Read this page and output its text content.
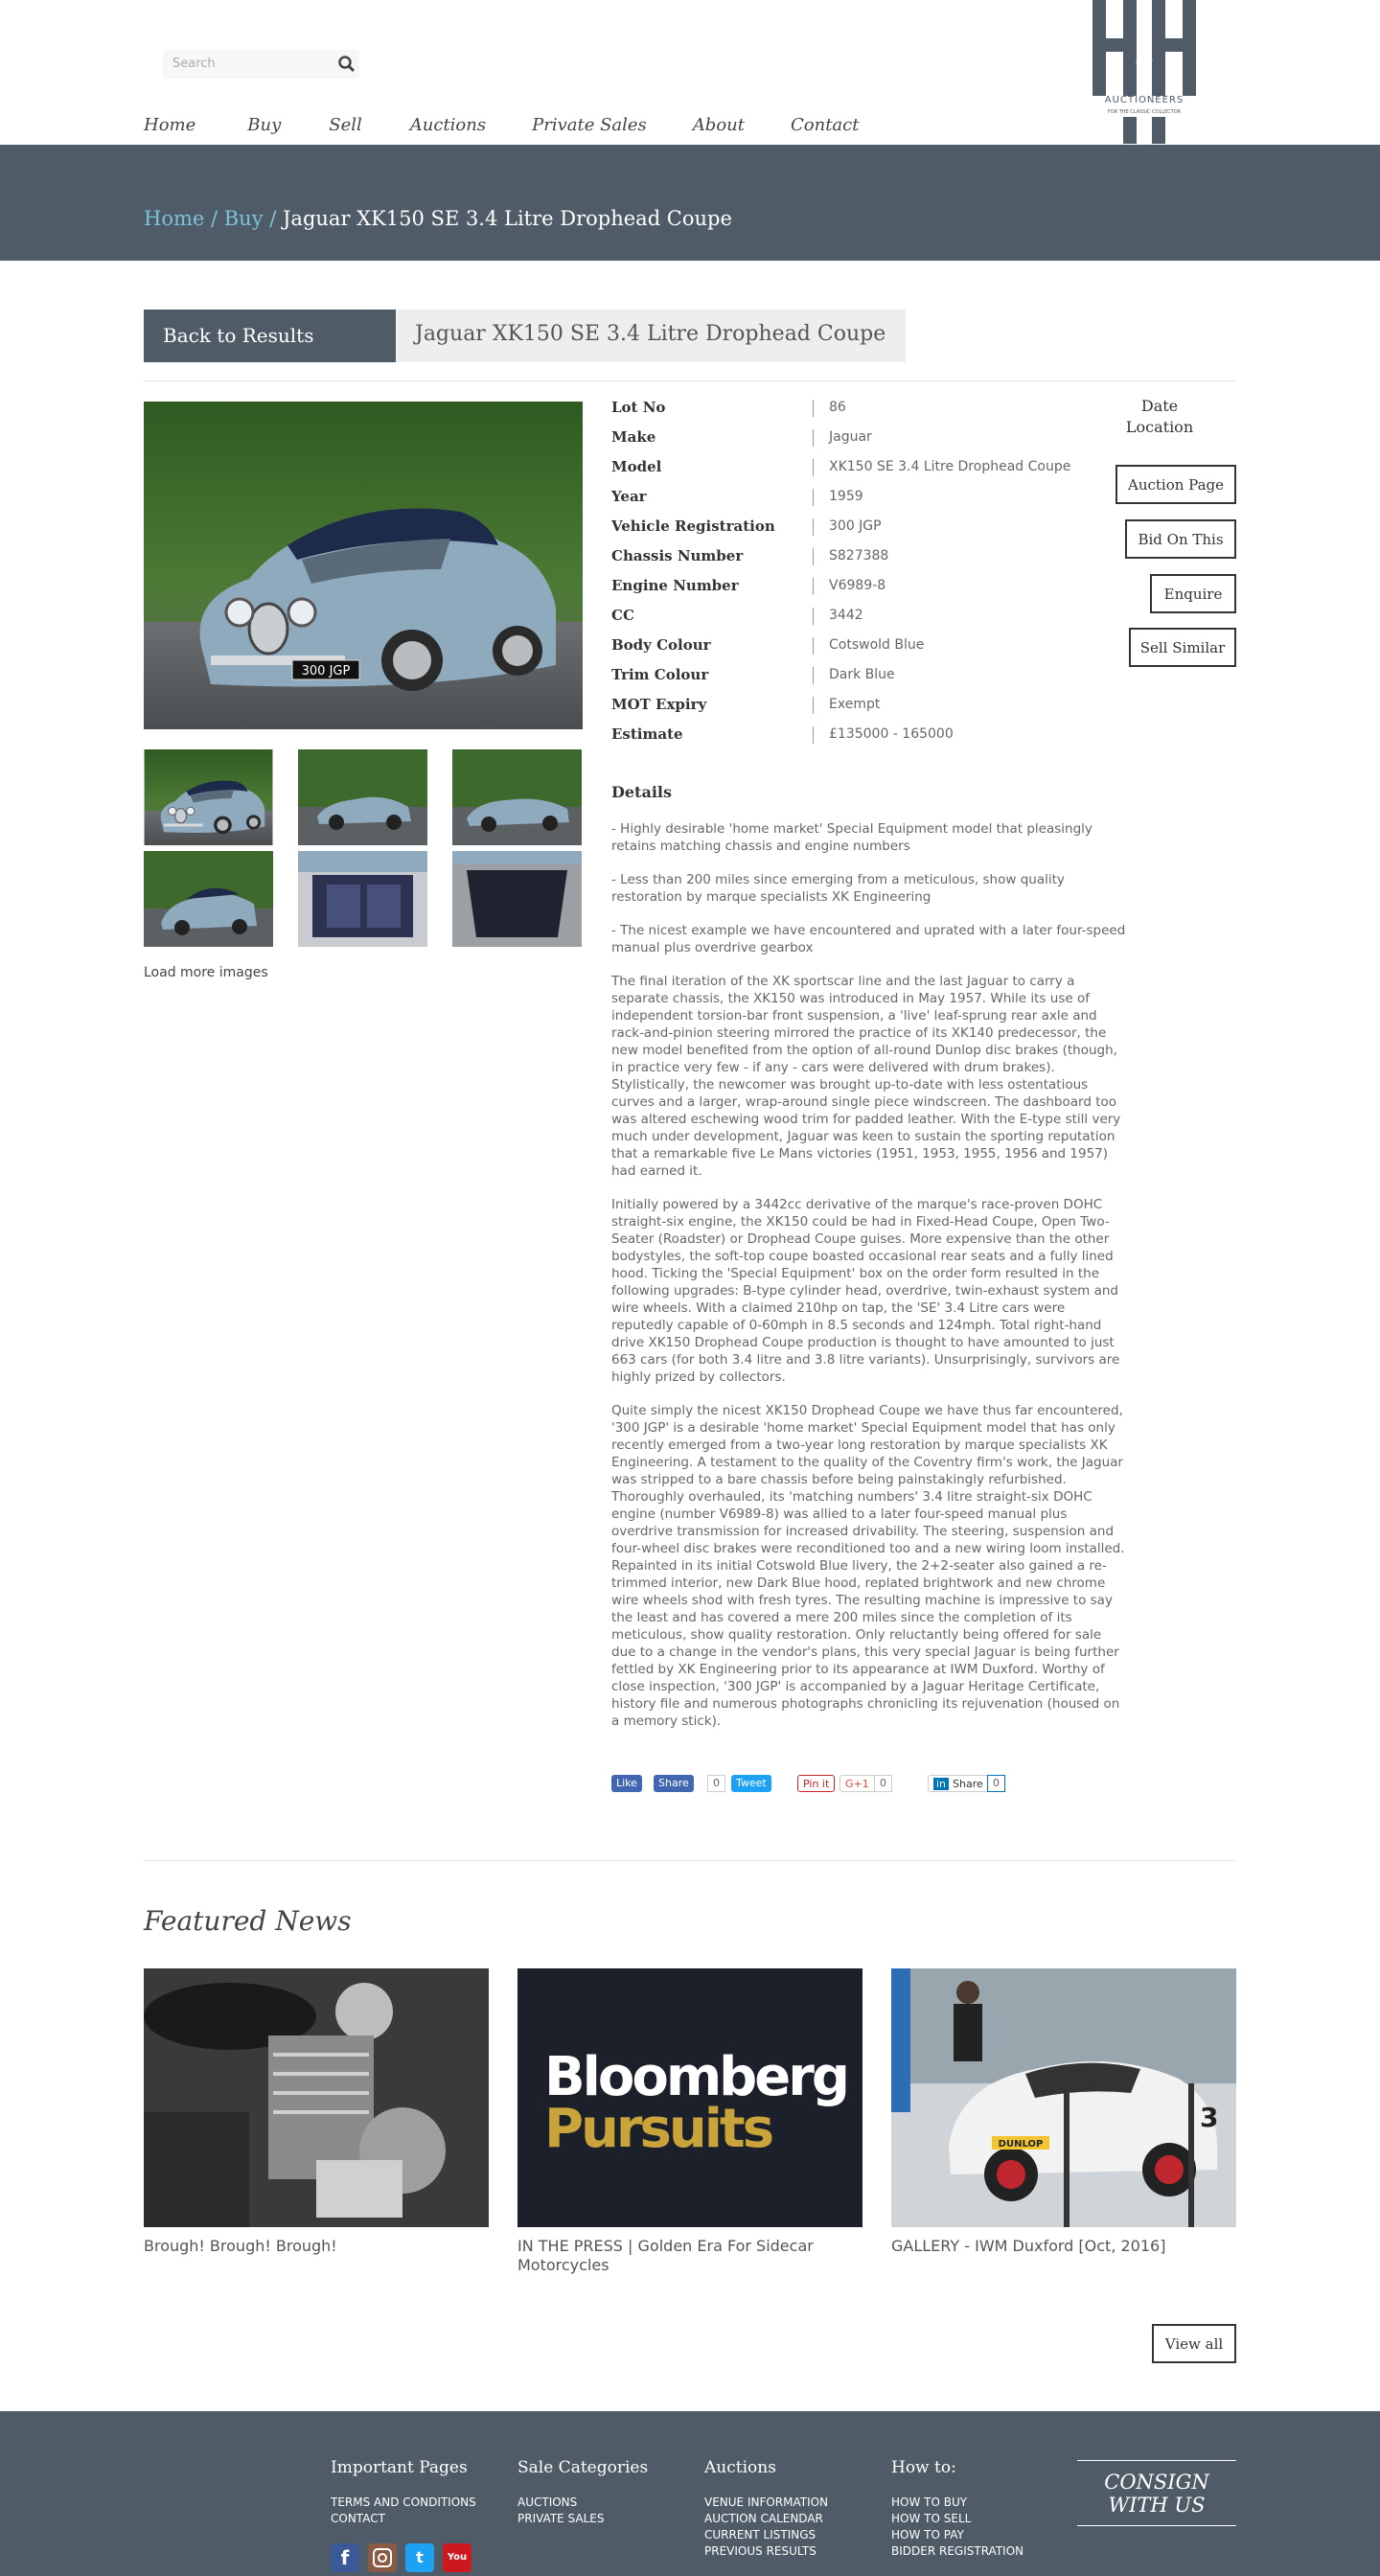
Search	AND
AUCTIONEERS
FOR THE CLASSIC COLLECTOR
Home	Buy	Sell	Auctions	Private Sales	About	Contact
Home / Buy / Jaguar XK150 SE 3.4 Litre Drophead Coupe
Back to Results	Jaguar XK150 SE 3.4 Litre Drophead Coupe
300 JGP
Load more images
Lot No	86
Make	Jaguar
Model	XK150 SE 3.4 Litre Drophead Coupe
Year	1959
Vehicle Registration	300 JGP
Chassis Number	S827388
Engine Number	V6989-8
CC	3442
Body Colour	Cotswold Blue
Trim Colour	Dark Blue
MOT Expiry	Exempt
Estimate	£135000 - 165000
Date
Location
Auction Page
Bid On This
Enquire
Sell Similar
Details

- Highly desirable 'home market' Special Equipment model that pleasingly retains matching chassis and engine numbers

- Less than 200 miles since emerging from a meticulous, show quality restoration by marque specialists XK Engineering

- The nicest example we have encountered and uprated with a later four-speed manual plus overdrive gearbox

The final iteration of the XK sportscar line and the last Jaguar to carry a separate chassis, the XK150 was introduced in May 1957. While its use of independent torsion-bar front suspension, a 'live' leaf-sprung rear axle and rack-and-pinion steering mirrored the practice of its XK140 predecessor, the new model benefited from the option of all-round Dunlop disc brakes (though, in practice very few - if any - cars were delivered with drum brakes). Stylistically, the newcomer was brought up-to-date with less ostentatious curves and a larger, wrap-around single piece windscreen. The dashboard too was altered eschewing wood trim for padded leather. With the E-type still very much under development, Jaguar was keen to sustain the sporting reputation that a remarkable five Le Mans victories (1951, 1953, 1955, 1956 and 1957) had earned it.

Initially powered by a 3442cc derivative of the marque's race-proven DOHC straight-six engine, the XK150 could be had in Fixed-Head Coupe, Open Two-Seater (Roadster) or Drophead Coupe guises. More expensive than the other bodystyles, the soft-top coupe boasted occasional rear seats and a fully lined hood. Ticking the 'Special Equipment' box on the order form resulted in the following upgrades: B-type cylinder head, overdrive, twin-exhaust system and wire wheels. With a claimed 210hp on tap, the 'SE' 3.4 Litre cars were reputedly capable of 0-60mph in 8.5 seconds and 124mph. Total right-hand drive XK150 Drophead Coupe production is thought to have amounted to just 663 cars (for both 3.4 litre and 3.8 litre variants). Unsurprisingly, survivors are highly prized by collectors.

Quite simply the nicest XK150 Drophead Coupe we have thus far encountered, '300 JGP' is a desirable 'home market' Special Equipment model that has only recently emerged from a two-year long restoration by marque specialists XK Engineering. A testament to the quality of the Coventry firm's work, the Jaguar was stripped to a bare chassis before being painstakingly refurbished. Thoroughly overhauled, its 'matching numbers' 3.4 litre straight-six DOHC engine (number V6989-8) was allied to a later four-speed manual plus overdrive transmission for increased drivability. The steering, suspension and four-wheel disc brakes were reconditioned too and a new wiring loom installed. Repainted in its initial Cotswold Blue livery, the 2+2-seater also gained a re-trimmed interior, new Dark Blue hood, replated brightwork and new chrome wire wheels shod with fresh tyres. The resulting machine is impressive to say the least and has covered a mere 200 miles since the completion of its meticulous, show quality restoration. Only reluctantly being offered for sale due to a change in the vendor's plans, this very special Jaguar is being further fettled by XK Engineering prior to its appearance at IWM Duxford. Worthy of close inspection, '300 JGP' is accompanied by a Jaguar Heritage Certificate, history file and numerous photographs chronicling its rejuvenation (housed on a memory stick).

Like	Share	0	Tweet	Pin it	G+1	0	in Share 0
Featured News
Bloomberg
Pursuits	DUNLOP
3
Brough! Brough! Brough!	IN THE PRESS | Golden Era For Sidecar Motorcycles
GALLERY - IWM Duxford [Oct, 2016]
View all
Important Pages
TERMS AND CONDITIONS
CONTACT
Sale Categories
AUCTIONS
PRIVATE SALES
Auctions
VENUE INFORMATION
AUCTION CALENDAR
CURRENT LISTINGS
PREVIOUS RESULTS
How to:
HOW TO BUY
HOW TO SELL
HOW TO PAY
BIDDER REGISTRATION
CONSIGN
WITH US
f	t	You
